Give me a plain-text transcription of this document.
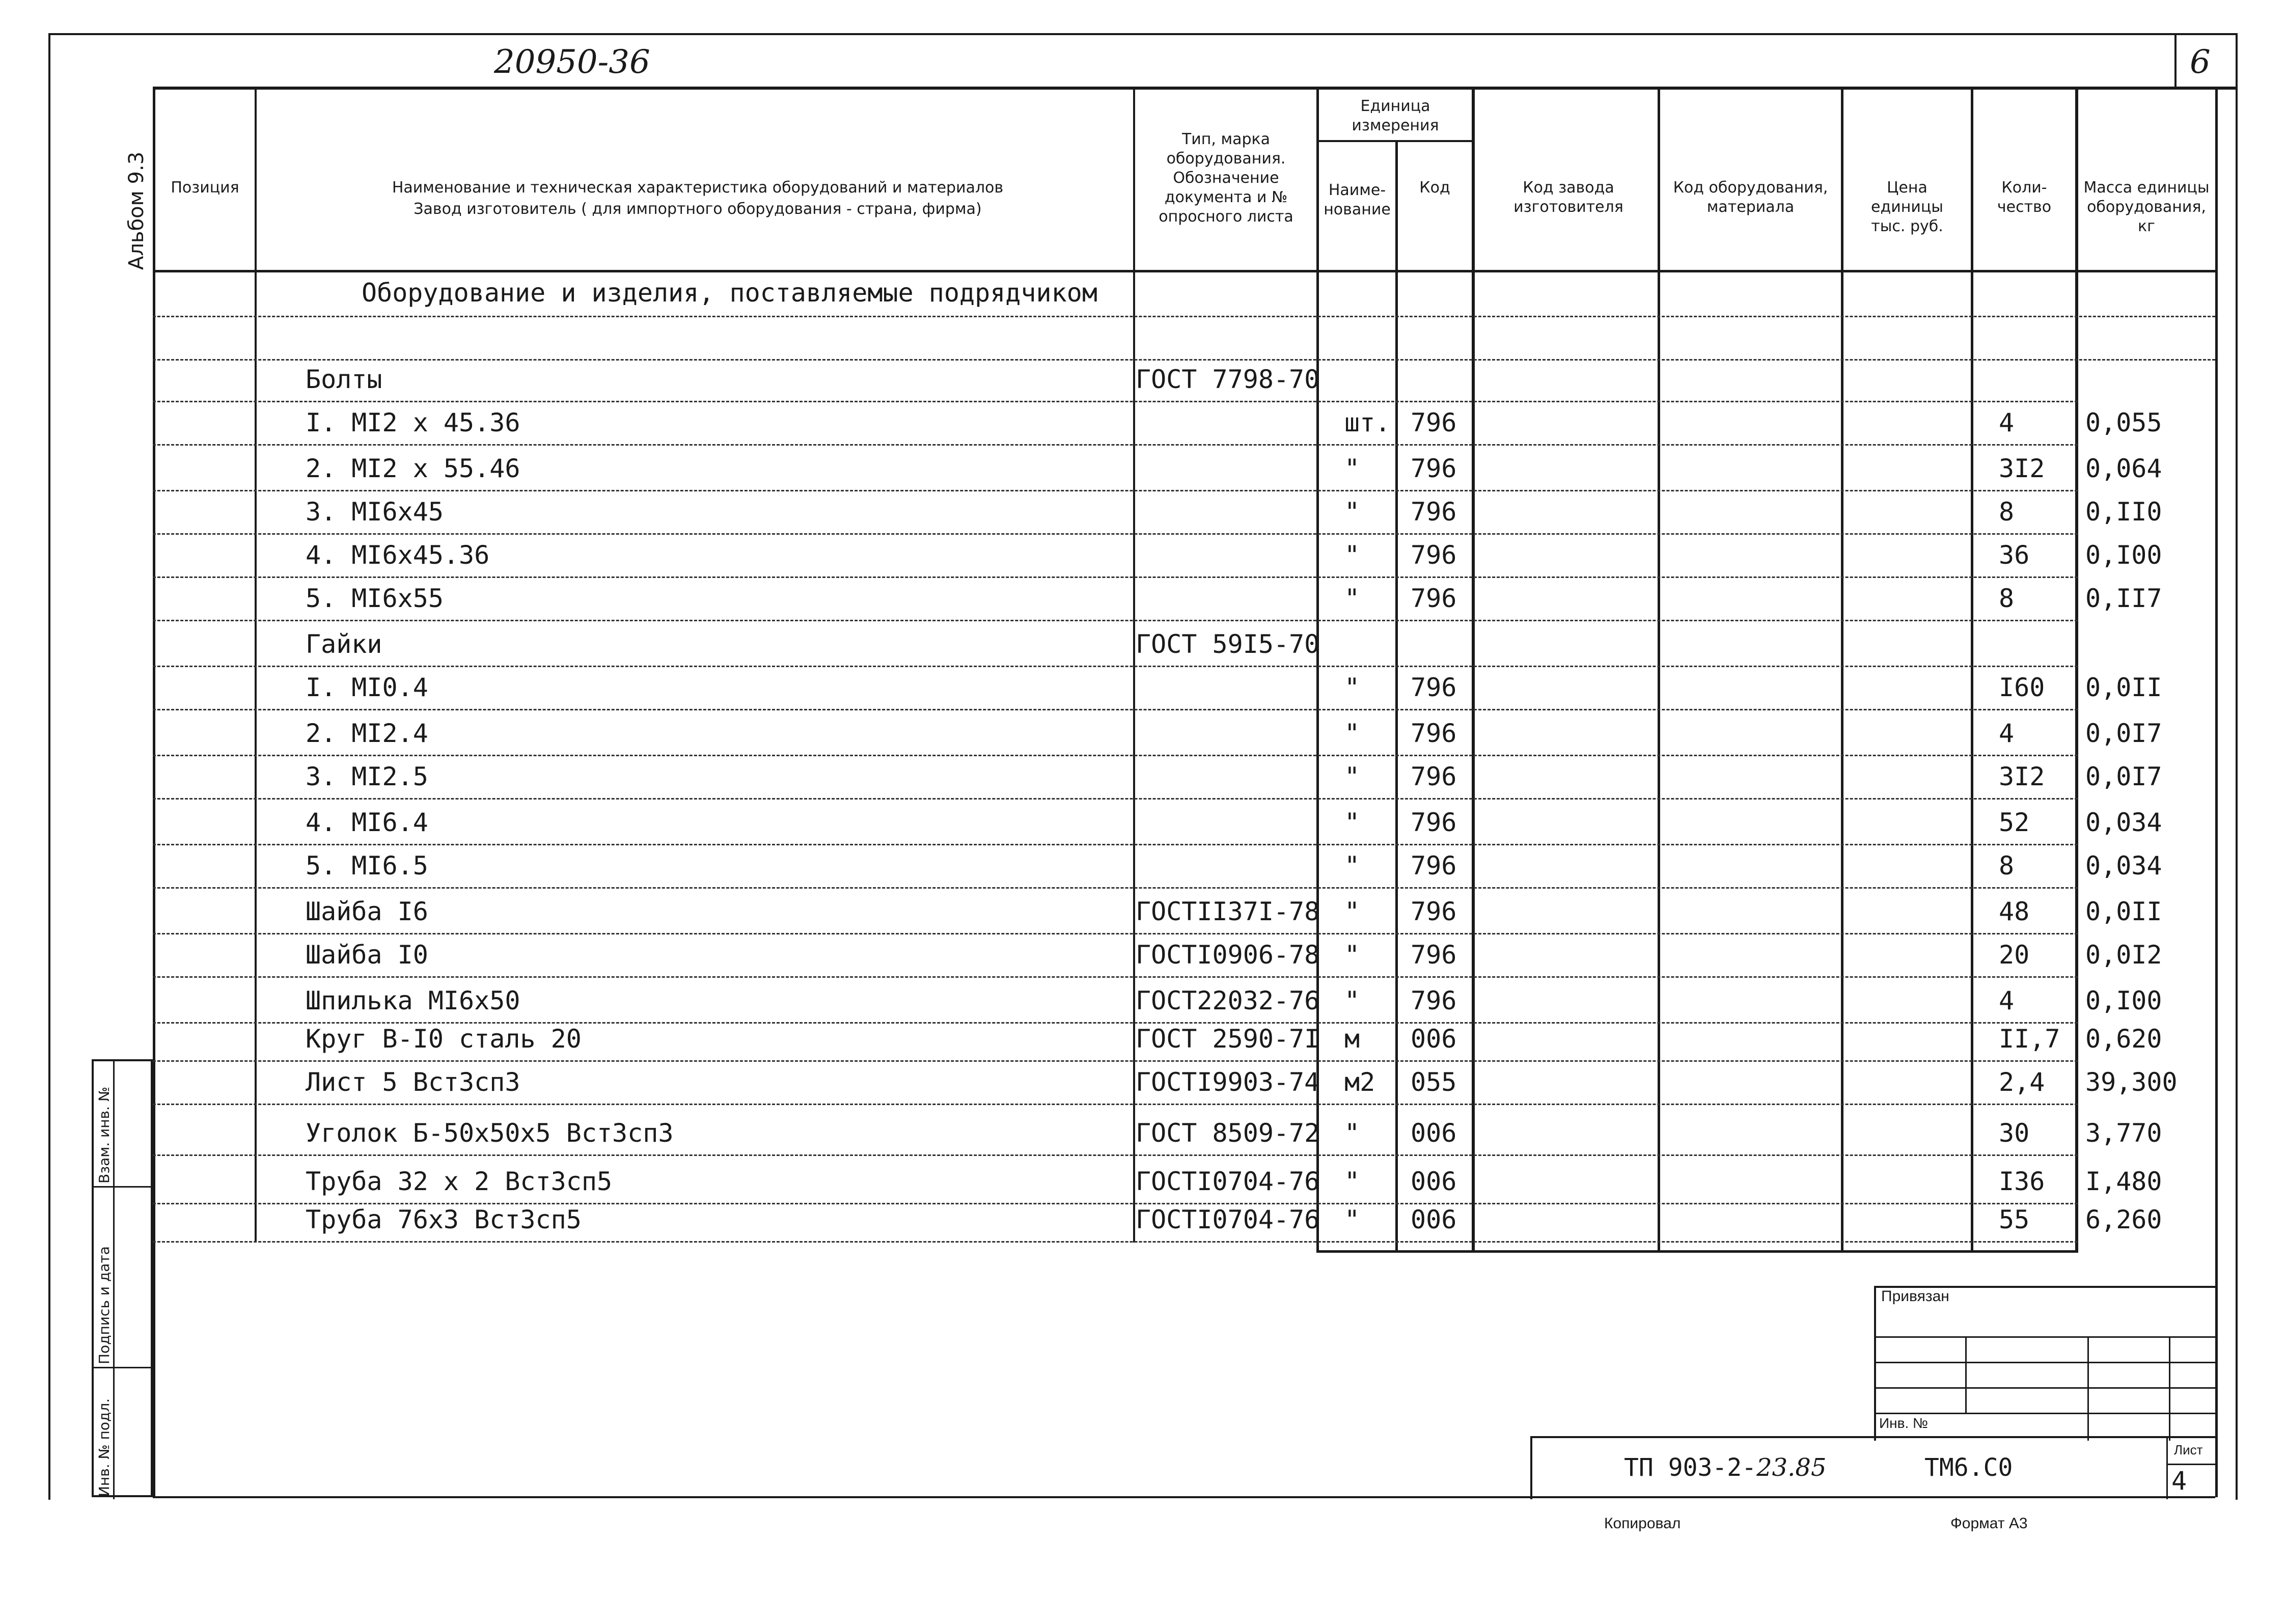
20950-36	6
Альбом 9.3	Позиция	Наименование и техническая характеристика оборудований и материалов
Завод изготовитель ( для импортного оборудования - страна, фирма)
Тип, марка оборудования. Обозначение документа и № опросного листа
Единица измерения
Наиме-нование
Код	Код завода изготовителя
Код оборудования, материала
Цена единицы тыс. руб.
Коли-чество
Масса единицы оборудования, кг
Оборудование и изделия, поставляемые подрядчиком
Болты	ГОСТ 7798-70
I. MI2 x 45.36	шт. 796	4	0,055
2. MI2 x 55.46	" 796	3I2 0,064
3. MI6x45	" 796	8	0,II0
4. MI6x45.36	" 796	36 0,I00
5. MI6x55	" 796	8	0,II7
Гайки	ГОСТ 59I5-70
I. MI0.4	" 796	I60 0,0II
2. MI2.4	" 796	4	0,0I7
3. MI2.5	" 796	3I2 0,0I7
4. MI6.4	" 796	52 0,034
5. MI6.5	" 796	8	0,034
Шайба I6	ГОСТII37I-78 " 796	48 0,0II
Шайба I0	ГОСТI0906-78 " 796	20 0,0I2
Шпилька MI6x50	ГОСТ22032-76 " 796	4	0,I00
Круг B-I0 сталь 20	ГОСТ 2590-7I м 006	II,7 0,620
Лист 5 ВстЗсп3	ГОСТI9903-74 м2 055	2,4 39,300
Уголок Б-50x50x5 ВстЗсп3	ГОСТ 8509-72 " 006	30 3,770
Труба 32 x 2 ВстЗсп5	ГОСТI0704-76 " 006	I36 I,480
Труба 76x3 ВстЗсп5	ГОСТI0704-76 " 006	55 6,260
Взам. инв. №
Подпись и дата
Инв. № подл.
Привязан
Инв. №
ТП 903-2-23.85	ТМ6.С0
Лист
4
Копировал	Формат А3
